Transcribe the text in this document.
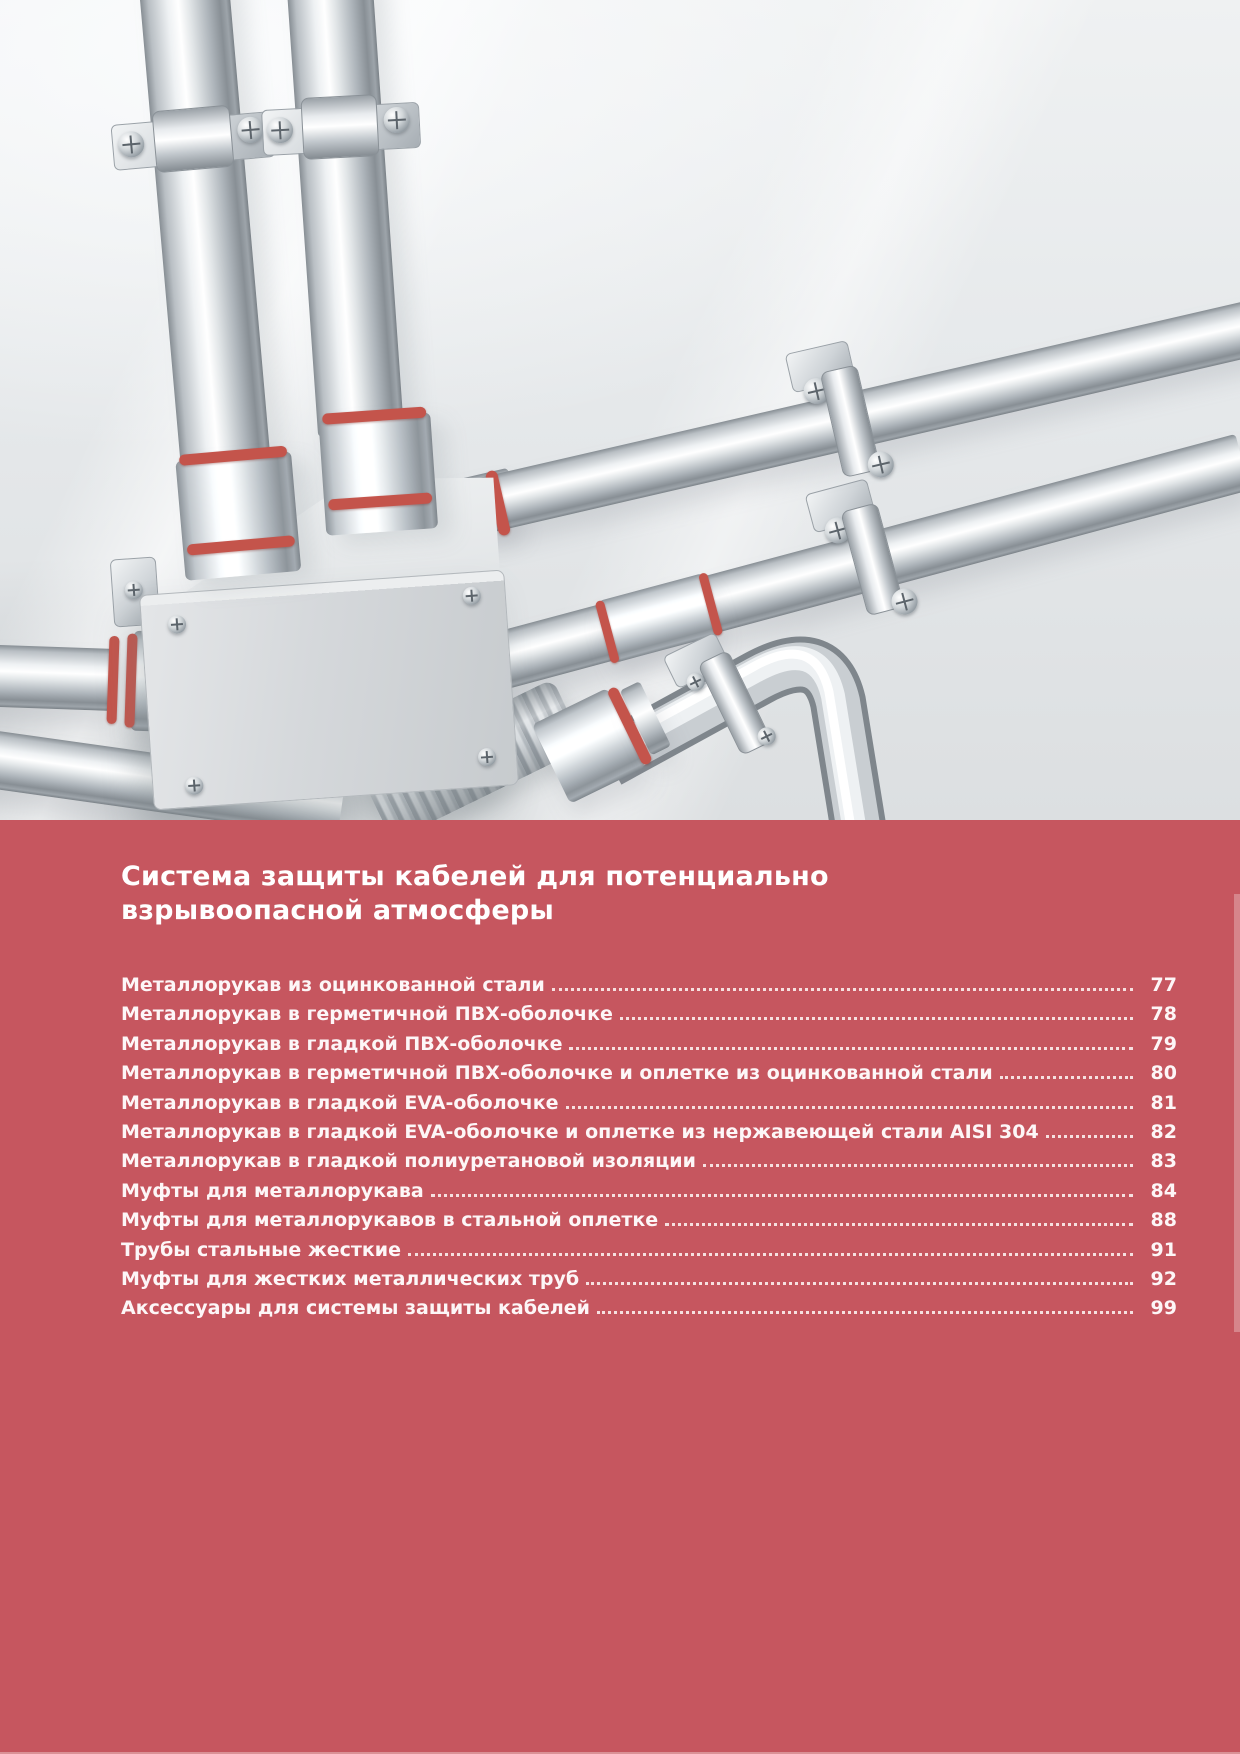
Система защиты кабелей для потенциально
взрывоопасной атмосферы
Металлорукав из оцинкованной стали	77
Металлорукав в герметичной ПВХ-оболочке	78
Металлорукав в гладкой ПВХ-оболочке	79
Металлорукав в герметичной ПВХ-оболочке и оплетке из оцинкованной стали	80
Металлорукав в гладкой EVA-оболочке	81
Металлорукав в гладкой EVA-оболочке и оплетке из нержавеющей стали AISI 304	82
Металлорукав в гладкой полиуретановой изоляции	83
Муфты для металлорукава	84
Муфты для металлорукавов в стальной оплетке	88
Трубы стальные жесткие	91
Муфты для жестких металлических труб	92
Аксессуары для системы защиты кабелей	99
